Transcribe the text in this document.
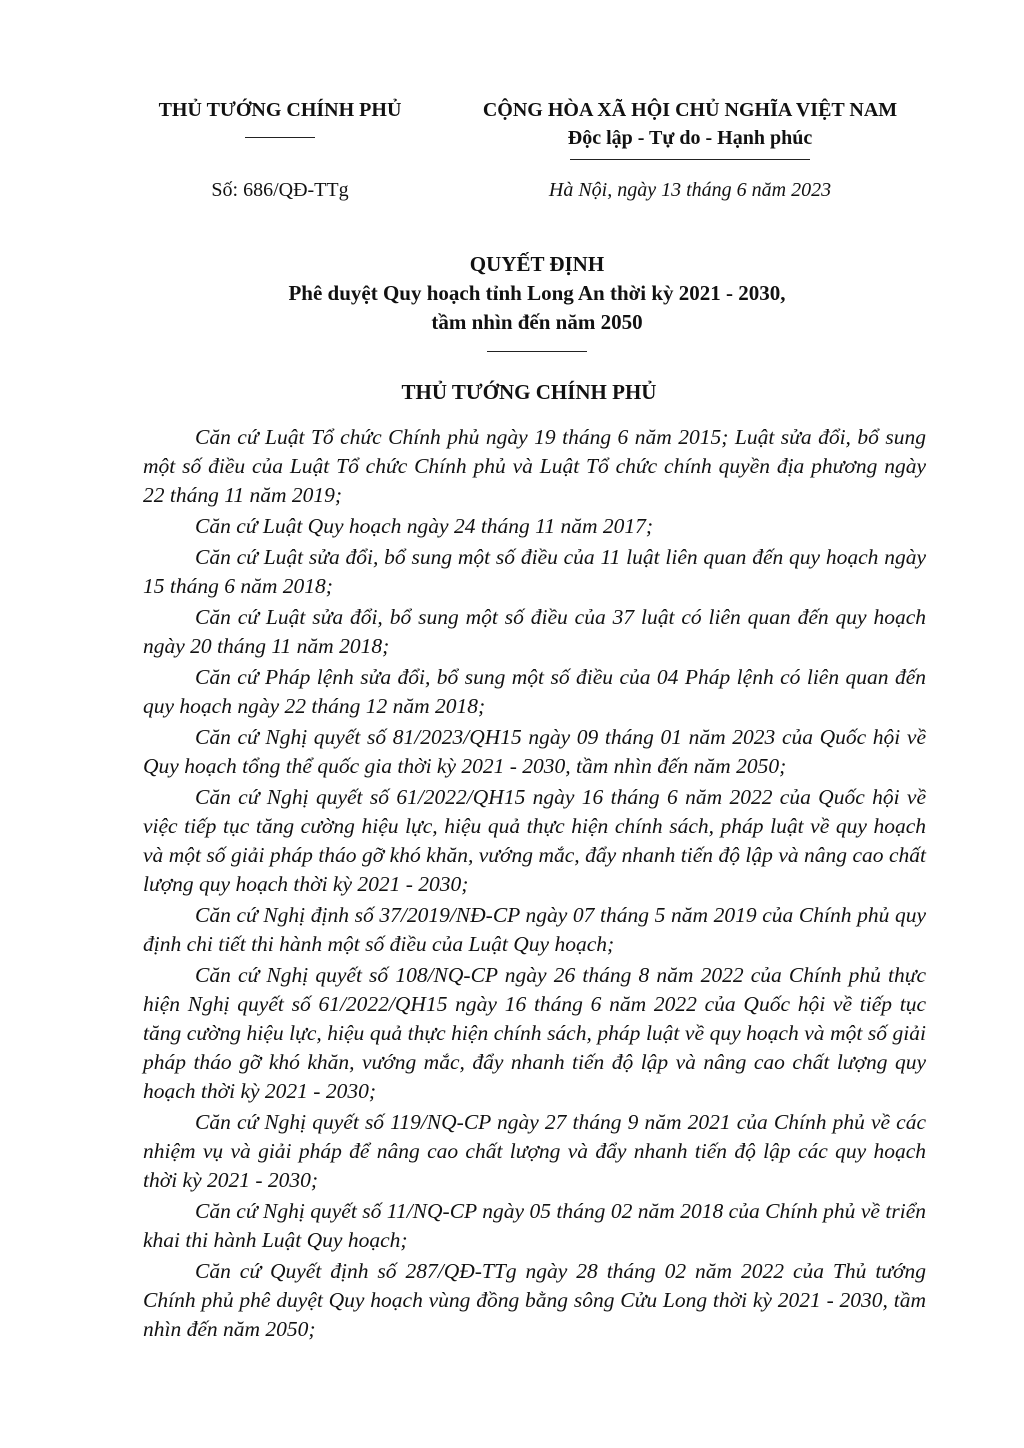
THỦ TƯỚNG CHÍNH PHỦ	CỘNG HÒA XÃ HỘI CHỦ NGHĨA VIỆT NAM
Độc lập - Tự do - Hạnh phúc
Số: 686/QĐ-TTg	Hà Nội, ngày 13 tháng 6 năm 2023
QUYẾT ĐỊNH
Phê duyệt Quy hoạch tỉnh Long An thời kỳ 2021 - 2030,
tầm nhìn đến năm 2050
THỦ TƯỚNG CHÍNH PHỦ

Căn cứ Luật Tổ chức Chính phủ ngày 19 tháng 6 năm 2015; Luật sửa đổi, bổ sung một số điều của Luật Tổ chức Chính phủ và Luật Tổ chức chính quyền địa phương ngày 22 tháng 11 năm 2019;

Căn cứ Luật Quy hoạch ngày 24 tháng 11 năm 2017;

Căn cứ Luật sửa đổi, bổ sung một số điều của 11 luật liên quan đến quy hoạch ngày 15 tháng 6 năm 2018;

Căn cứ Luật sửa đổi, bổ sung một số điều của 37 luật có liên quan đến quy hoạch ngày 20 tháng 11 năm 2018;

Căn cứ Pháp lệnh sửa đổi, bổ sung một số điều của 04 Pháp lệnh có liên quan đến quy hoạch ngày 22 tháng 12 năm 2018;

Căn cứ Nghị quyết số 81/2023/QH15 ngày 09 tháng 01 năm 2023 của Quốc hội về Quy hoạch tổng thể quốc gia thời kỳ 2021 - 2030, tầm nhìn đến năm 2050;

Căn cứ Nghị quyết số 61/2022/QH15 ngày 16 tháng 6 năm 2022 của Quốc hội về việc tiếp tục tăng cường hiệu lực, hiệu quả thực hiện chính sách, pháp luật về quy hoạch và một số giải pháp tháo gỡ khó khăn, vướng mắc, đẩy nhanh tiến độ lập và nâng cao chất lượng quy hoạch thời kỳ 2021 - 2030;

Căn cứ Nghị định số 37/2019/NĐ-CP ngày 07 tháng 5 năm 2019 của Chính phủ quy định chi tiết thi hành một số điều của Luật Quy hoạch;

Căn cứ Nghị quyết số 108/NQ-CP ngày 26 tháng 8 năm 2022 của Chính phủ thực hiện Nghị quyết số 61/2022/QH15 ngày 16 tháng 6 năm 2022 của Quốc hội về tiếp tục tăng cường hiệu lực, hiệu quả thực hiện chính sách, pháp luật về quy hoạch và một số giải pháp tháo gỡ khó khăn, vướng mắc, đẩy nhanh tiến độ lập và nâng cao chất lượng quy hoạch thời kỳ 2021 - 2030;

Căn cứ Nghị quyết số 119/NQ-CP ngày 27 tháng 9 năm 2021 của Chính phủ về các nhiệm vụ và giải pháp để nâng cao chất lượng và đẩy nhanh tiến độ lập các quy hoạch thời kỳ 2021 - 2030;

Căn cứ Nghị quyết số 11/NQ-CP ngày 05 tháng 02 năm 2018 của Chính phủ về triển khai thi hành Luật Quy hoạch;

Căn cứ Quyết định số 287/QĐ-TTg ngày 28 tháng 02 năm 2022 của Thủ tướng Chính phủ phê duyệt Quy hoạch vùng đồng bằng sông Cửu Long thời kỳ 2021 - 2030, tầm nhìn đến năm 2050;
